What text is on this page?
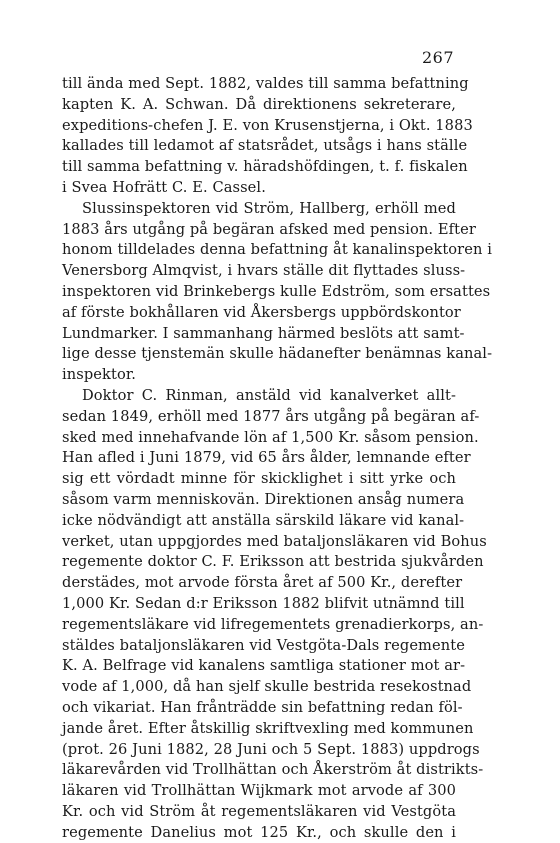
267
till ända med Sept. 1882, valdes till samma befattning
kapten K. A. Schwan. Då direktionens sekreterare,
expeditions-chefen J. E. von Krusenstjerna, i Okt. 1883
kallades till ledamot af statsrådet, utsågs i hans ställe
till samma befattning v. häradshöfdingen, t. f. fiskalen
i Svea Hofrätt C. E. Cassel.
Slussinspektoren vid Ström, Hallberg, erhöll med
1883 års utgång på begäran afsked med pension. Efter
honom tilldelades denna befattning åt kanalinspektoren i
Venersborg Almqvist, i hvars ställe dit flyttades sluss-
inspektoren vid Brinkebergs kulle Edström, som ersattes
af förste bokhållaren vid Åkersbergs uppbördskontor
Lundmarker. I sammanhang härmed beslöts att samt-
lige desse tjenstemän skulle hädanefter benämnas kanal-
inspektor.
Doktor C. Rinman, anstäld vid kanalverket allt-
sedan 1849, erhöll med 1877 års utgång på begäran af-
sked med innehafvande lön af 1,500 Kr. såsom pension.
Han afled i Juni 1879, vid 65 års ålder, lemnande efter
sig ett vördadt minne för skicklighet i sitt yrke och
såsom varm menniskovän. Direktionen ansåg numera
icke nödvändigt att anställa särskild läkare vid kanal-
verket, utan uppgjordes med bataljonsläkaren vid Bohus
regemente doktor C. F. Eriksson att bestrida sjukvården
derstädes, mot arvode första året af 500 Kr., derefter
1,000 Kr. Sedan d:r Eriksson 1882 blifvit utnämnd till
regementsläkare vid lifregementets grenadierkorps, an-
stäldes bataljonsläkaren vid Vestgöta-Dals regemente
K. A. Belfrage vid kanalens samtliga stationer mot ar-
vode af 1,000, då han sjelf skulle bestrida resekostnad
och vikariat. Han frånträdde sin befattning redan föl-
jande året. Efter åtskillig skriftvexling med kommunen
(prot. 26 Juni 1882, 28 Juni och 5 Sept. 1883) uppdrogs
läkarevården vid Trollhättan och Åkerström åt distrikts-
läkaren vid Trollhättan Wijkmark mot arvode af 300
Kr. och vid Ström åt regementsläkaren vid Vestgöta
regemente Danelius mot 125 Kr., och skulle den i
